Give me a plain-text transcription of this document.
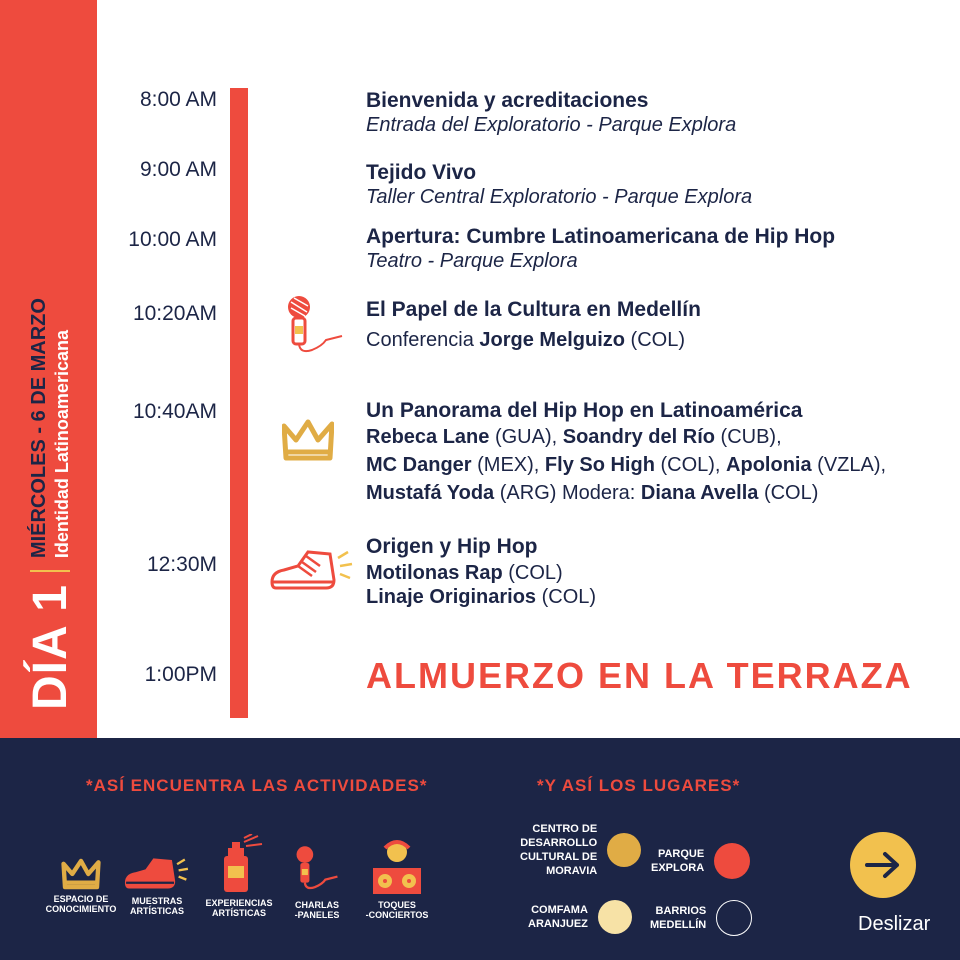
DÍA 1
MIÉRCOLES - 6 DE MARZO Identidad Latinoamericana
8:00 AM
9:00 AM
10:00 AM
10:20AM
10:40AM
12:30M
1:00PM
Bienvenida y acreditaciones
Entrada del Exploratorio - Parque Explora
Tejido Vivo
Taller Central Exploratorio - Parque Explora
Apertura: Cumbre Latinoamericana de Hip Hop
Teatro - Parque Explora
El Papel de la Cultura en Medellín
Conferencia Jorge Melguizo (COL)
Un Panorama del Hip Hop en Latinoamérica
Rebeca Lane (GUA), Soandry del Río (CUB),
MC Danger (MEX), Fly So High (COL), Apolonia (VZLA),
Mustafá Yoda (ARG) Modera: Diana Avella (COL)
Origen y Hip Hop
Motilonas Rap (COL)
Linaje Originarios (COL)
ALMUERZO EN LA TERRAZA
*ASÍ ENCUENTRA LAS ACTIVIDADES*	*Y ASÍ LOS LUGARES*
ESPACIO DE
CONOCIMIENTO
MUESTRAS
ARTÍSTICAS
EXPERIENCIAS
ARTÍSTICAS
CHARLAS
-PANELES
TOQUES
-CONCIERTOS
CENTRO DE
DESARROLLO
CULTURAL DE
MORAVIA
PARQUE
EXPLORA
COMFAMA
ARANJUEZ
BARRIOS
MEDELLÍN	Deslizar
